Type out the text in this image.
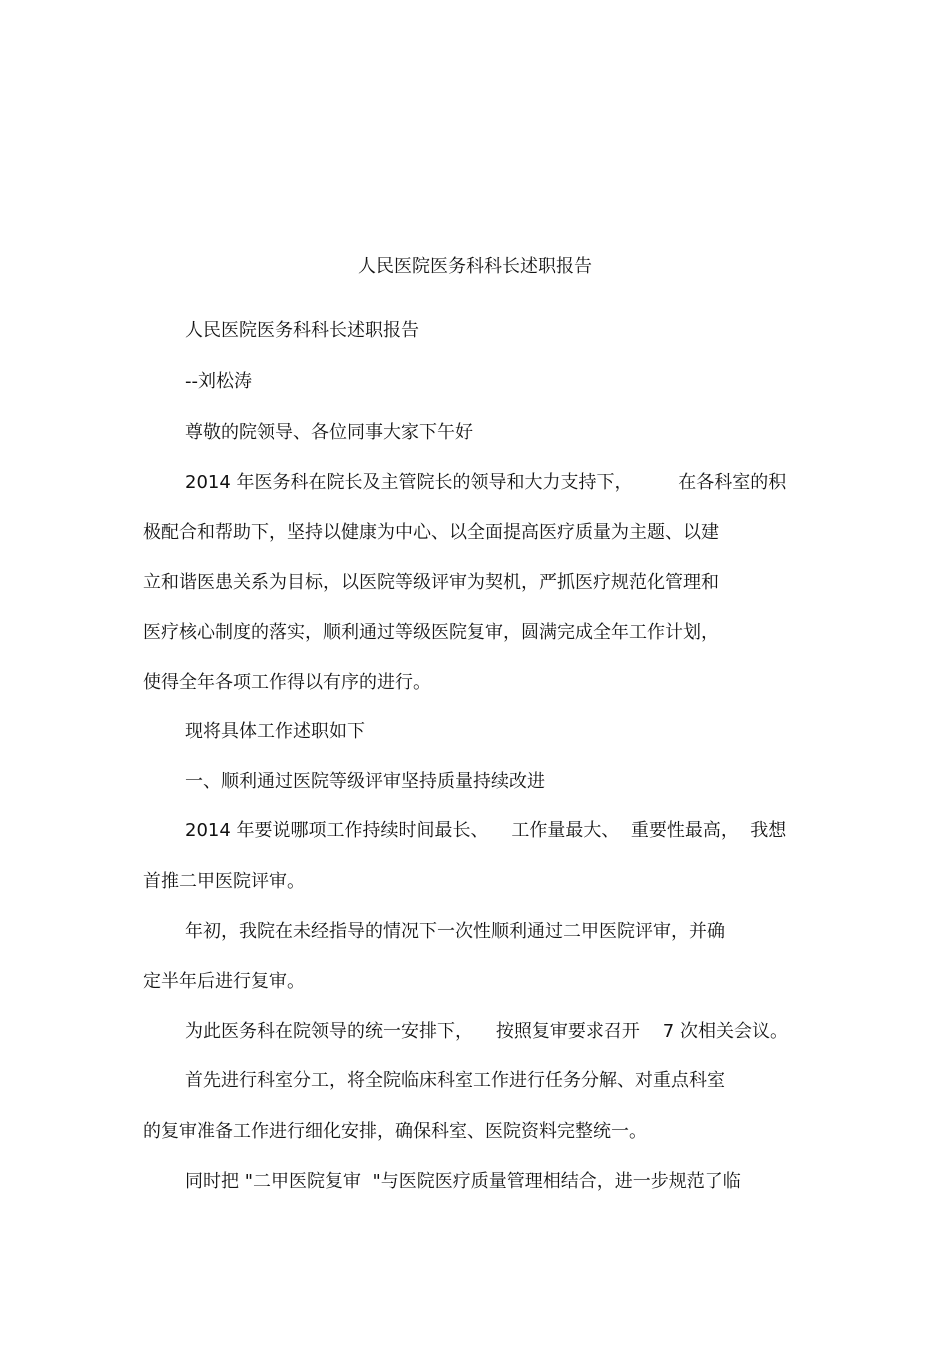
人民医院医务科科长述职报告
人民医院医务科科长述职报告
--刘松涛
尊敬的院领导、各位同事大家下午好
2014 年医务科在院长及主管院长的领导和大力支持下，        在各科室的积
极配合和帮助下，坚持以健康为中心、以全面提高医疗质量为主题、以建
立和谐医患关系为目标，以医院等级评审为契机，严抓医疗规范化管理和
医疗核心制度的落实，顺利通过等级医院复审，圆满完成全年工作计划，
使得全年各项工作得以有序的进行。
现将具体工作述职如下
一、顺利通过医院等级评审坚持质量持续改进
2014 年要说哪项工作持续时间最长、    工作量最大、  重要性最高，  我想
首推二甲医院评审。
年初，我院在未经指导的情况下一次性顺利通过二甲医院评审，并确
定半年后进行复审。
为此医务科在院领导的统一安排下，    按照复审要求召开    7 次相关会议。
首先进行科室分工，将全院临床科室工作进行任务分解、对重点科室
的复审准备工作进行细化安排，确保科室、医院资料完整统一。
同时把 "二甲医院复审  "与医院医疗质量管理相结合，进一步规范了临
